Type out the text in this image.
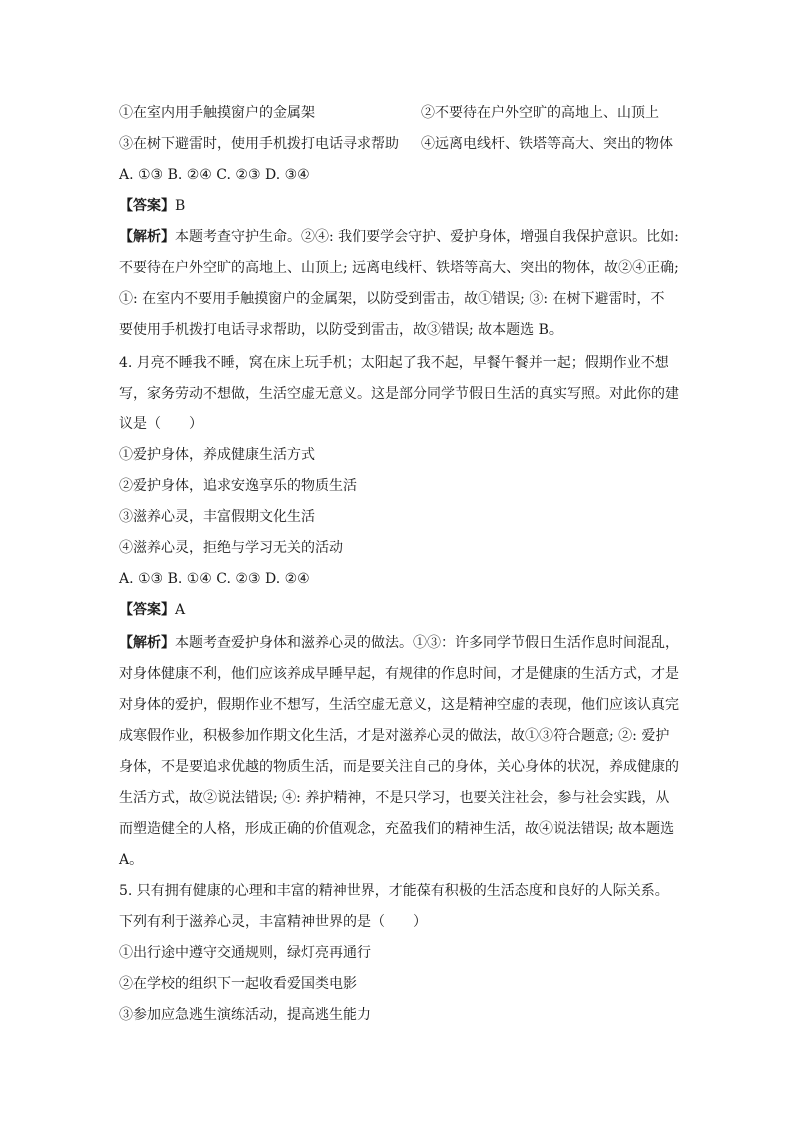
①在室内用手触摸窗户的金属架	②不要待在户外空旷的高地上、山顶上
③在树下避雷时，使用手机拨打电话寻求帮助	④远离电线杆、铁塔等高大、突出的物体
A. ①③ B. ②④ C. ②③ D. ③④
【答案】B
【解析】本题考查守护生命。②④: 我们要学会守护、爱护身体，增强自我保护意识。比如:
不要待在户外空旷的高地上、山顶上; 远离电线杆、铁塔等高大、突出的物体，故②④正确;
①: 在室内不要用手触摸窗户的金属架，以防受到雷击，故①错误; ③: 在树下避雷时，不
要使用手机拨打电话寻求帮助，以防受到雷击，故③错误; 故本题选 B。
4. 月亮不睡我不睡，窝在床上玩手机；太阳起了我不起，早餐午餐并一起；假期作业不想
写，家务劳动不想做，生活空虚无意义。这是部分同学节假日生活的真实写照。对此你的建
议是（　　）
①爱护身体，养成健康生活方式
②爱护身体，追求安逸享乐的物质生活
③滋养心灵，丰富假期文化生活
④滋养心灵，拒绝与学习无关的活动
A. ①③ B. ①④ C. ②③ D. ②④
【答案】A
【解析】本题考查爱护身体和滋养心灵的做法。①③：许多同学节假日生活作息时间混乱，
对身体健康不利，他们应该养成早睡早起，有规律的作息时间，才是健康的生活方式，才是
对身体的爱护，假期作业不想写，生活空虚无意义，这是精神空虚的表现，他们应该认真完
成寒假作业，积极参加作期文化生活，才是对滋养心灵的做法，故①③符合题意; ②: 爱护
身体，不是要追求优越的物质生活，而是要关注自己的身体，关心身体的状况，养成健康的
生活方式，故②说法错误; ④: 养护精神，不是只学习，也要关注社会，参与社会实践，从
而塑造健全的人格，形成正确的价值观念，充盈我们的精神生活，故④说法错误; 故本题选
A。
5. 只有拥有健康的心理和丰富的精神世界，才能葆有积极的生活态度和良好的人际关系。
下列有利于滋养心灵，丰富精神世界的是（　　）
①出行途中遵守交通规则，绿灯亮再通行
②在学校的组织下一起收看爱国类电影
③参加应急逃生演练活动，提高逃生能力
